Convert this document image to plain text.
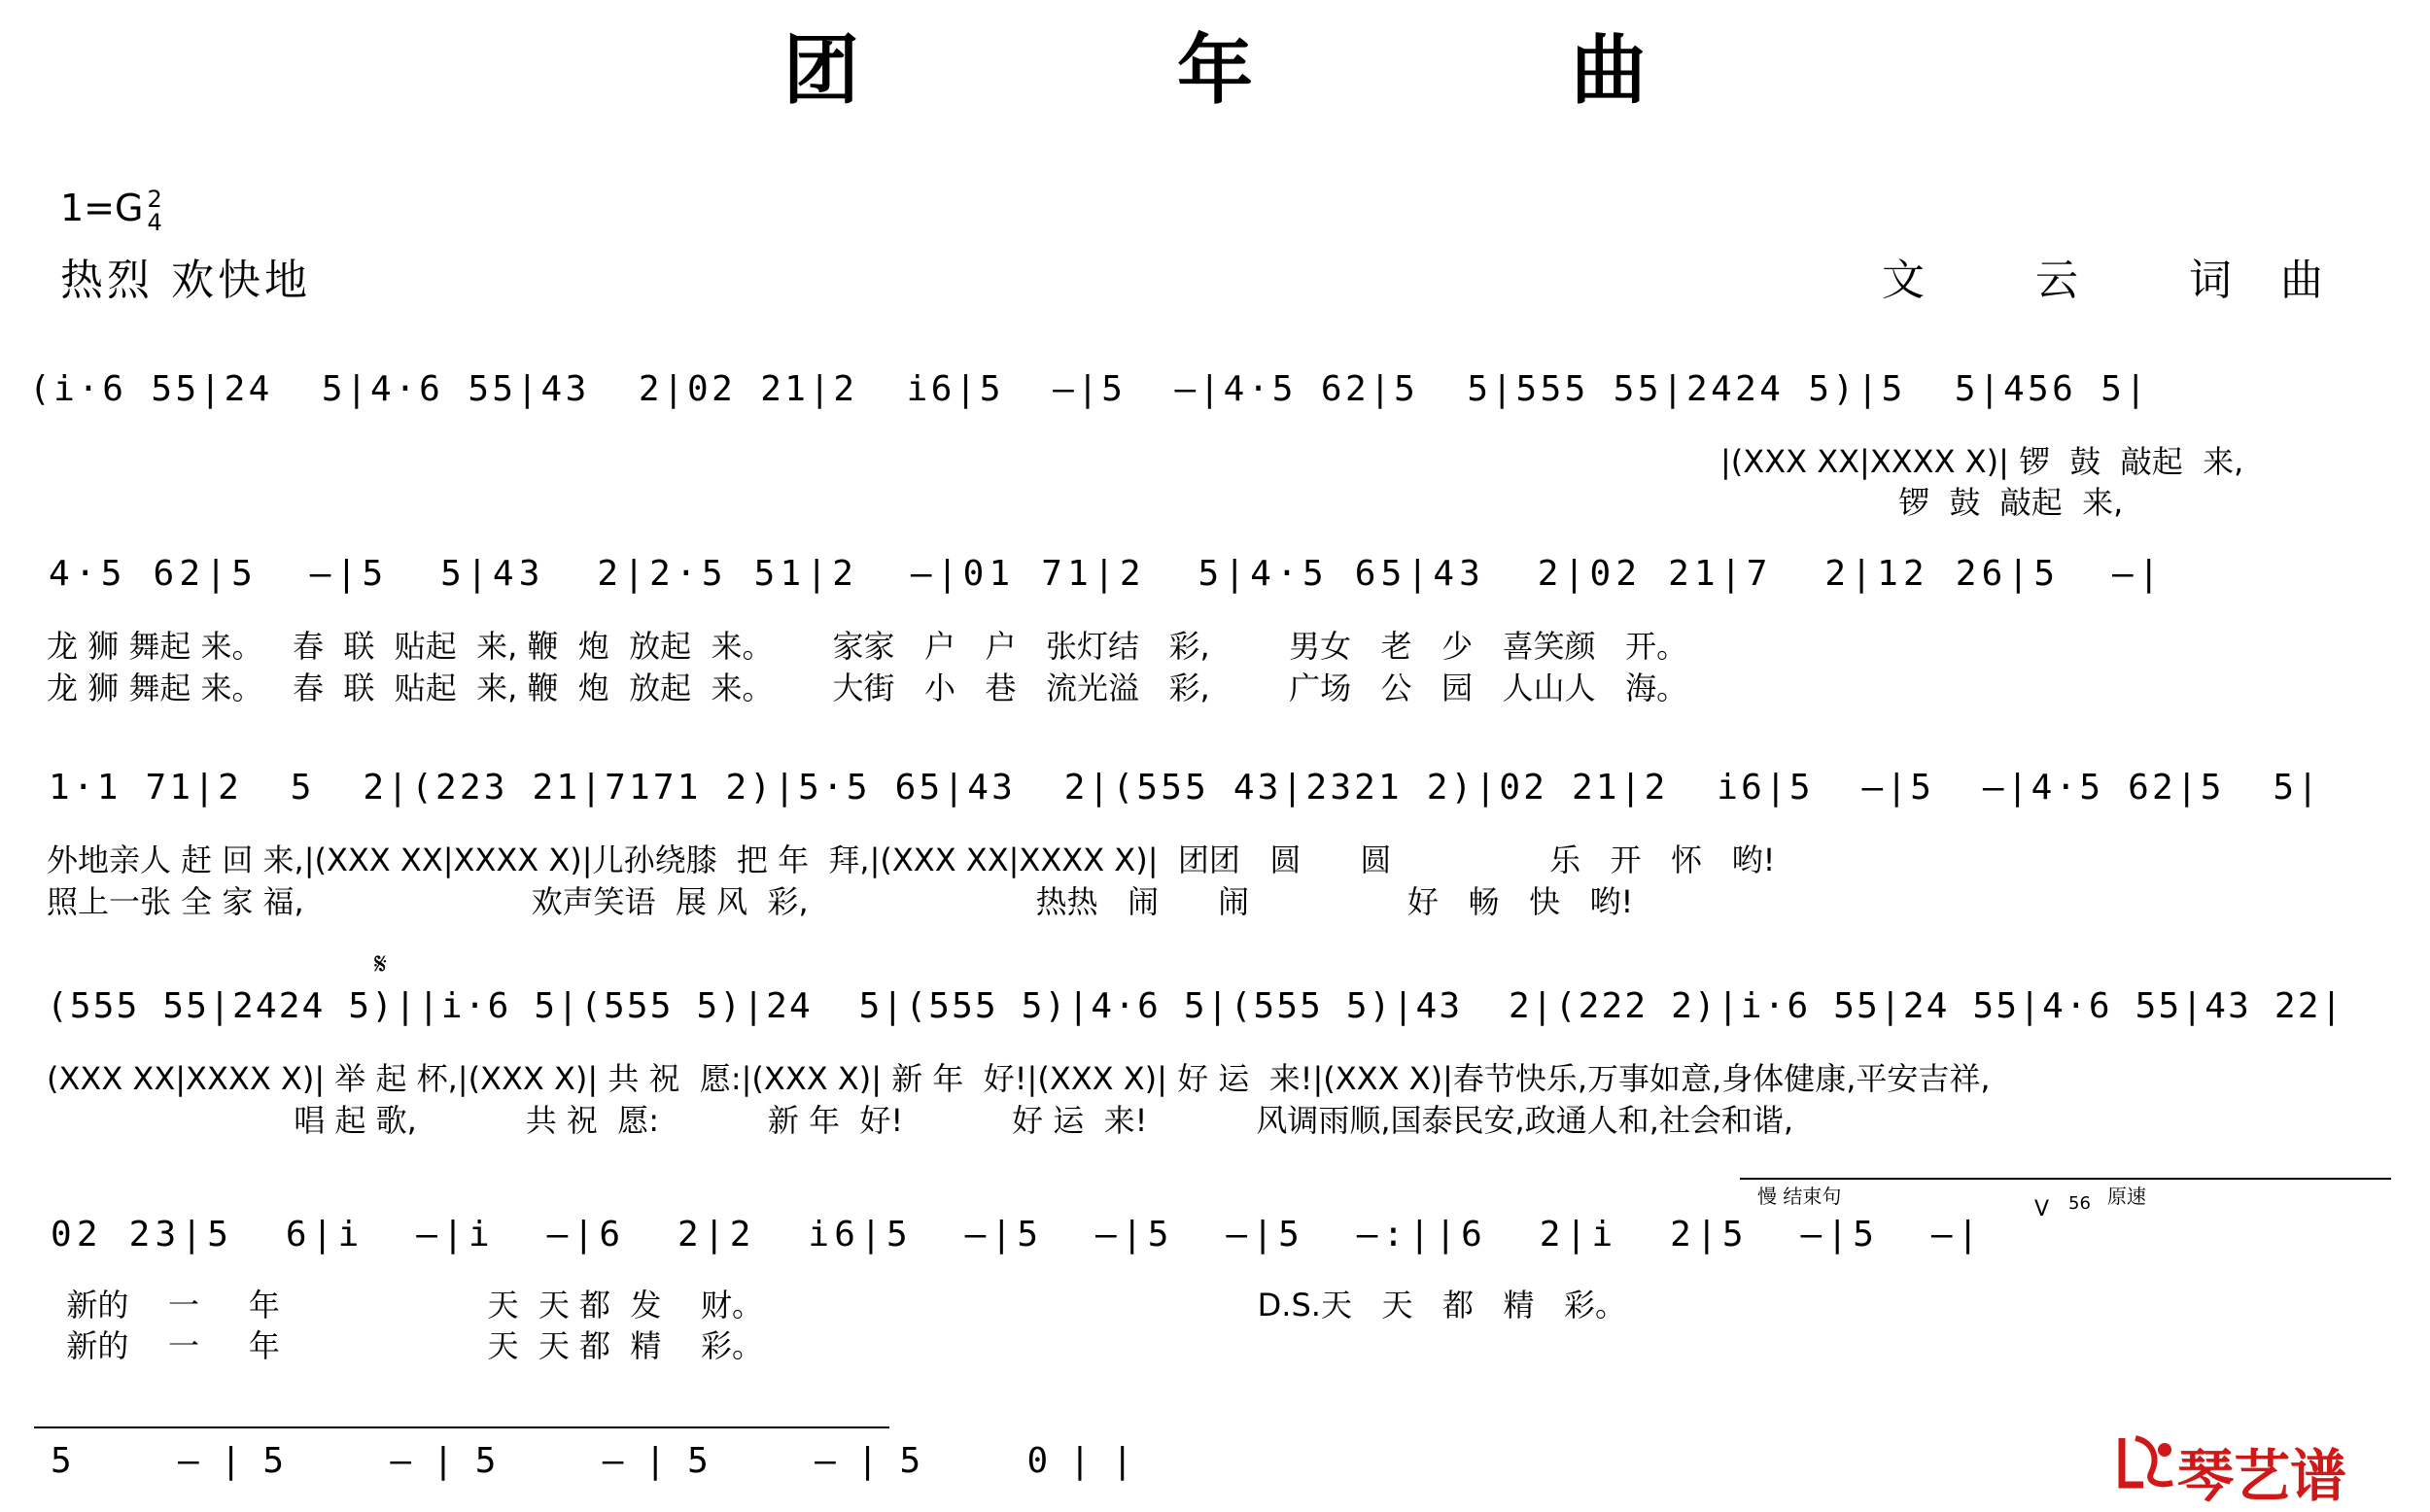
团 年 曲
1=G 2
4
热烈 欢快地	文 云 词曲
(i·6 55|24  5|4·6 55|43  2|02 21|2  i6|5  —|5  —|4·5 62|5  5|555 55|2424 5)|5  5|456 5|
|(XXX XX|XXXX X)| 锣  鼓  敲起  来,
锣  鼓  敲起  来,
4·5 62|5  —|5  5|43  2|2·5 51|2  —|01 71|2  5|4·5 65|43  2|02 21|7  2|12 26|5  —|
龙 狮 舞起 来。   春  联  贴起  来, 鞭  炮  放起  来。      家家   户   户   张灯结   彩,        男女   老   少   喜笑颜   开。
龙 狮 舞起 来。   春  联  贴起  来, 鞭  炮  放起  来。      大街   小   巷   流光溢   彩,        广场   公   园   人山人   海。
1·1 71|2  5  2|(223 21|7171 2)|5·5 65|43  2|(555 43|2321 2)|02 21|2  i6|5  —|5  —|4·5 62|5  5|
外地亲人 赶 回 来,|(XXX XX|XXXX X)|儿孙绕膝  把 年  拜,|(XXX XX|XXXX X)|  团团   圆      圆                乐   开   怀   哟!
照上一张 全 家 福,                       欢声笑语  展 风  彩,                       热热   闹      闹                好   畅   快   哟!
𝄋
(555 55|2424 5)||i·6 5|(555 5)|24  5|(555 5)|4·6 5|(555 5)|43  2|(222 2)|i·6 55|24 55|4·6 55|43 22|
(XXX XX|XXXX X)| 举 起 杯,|(XXX X)| 共 祝  愿:|(XXX X)| 新 年  好!|(XXX X)| 好 运  来!|(XXX X)|春节快乐,万事如意,身体健康,平安吉祥,
唱 起 歌,           共 祝  愿:           新 年  好!           好 运  来!           风调雨顺,国泰民安,政通人和,社会和谐,
慢 结束句	原速
56
V
02 23|5  6|i  —|i  —|6  2|2  i6|5  —|5  —|5  —|5  —:||6  2|i  2|5  —|5  —|
新的    一     年                     天  天 都  发    财。                                                  D.S.天   天   都   精   彩。
新的    一     年                     天  天 都  精    彩。
5  —|5  —|5  —|5  —|5  0||	琴艺谱
